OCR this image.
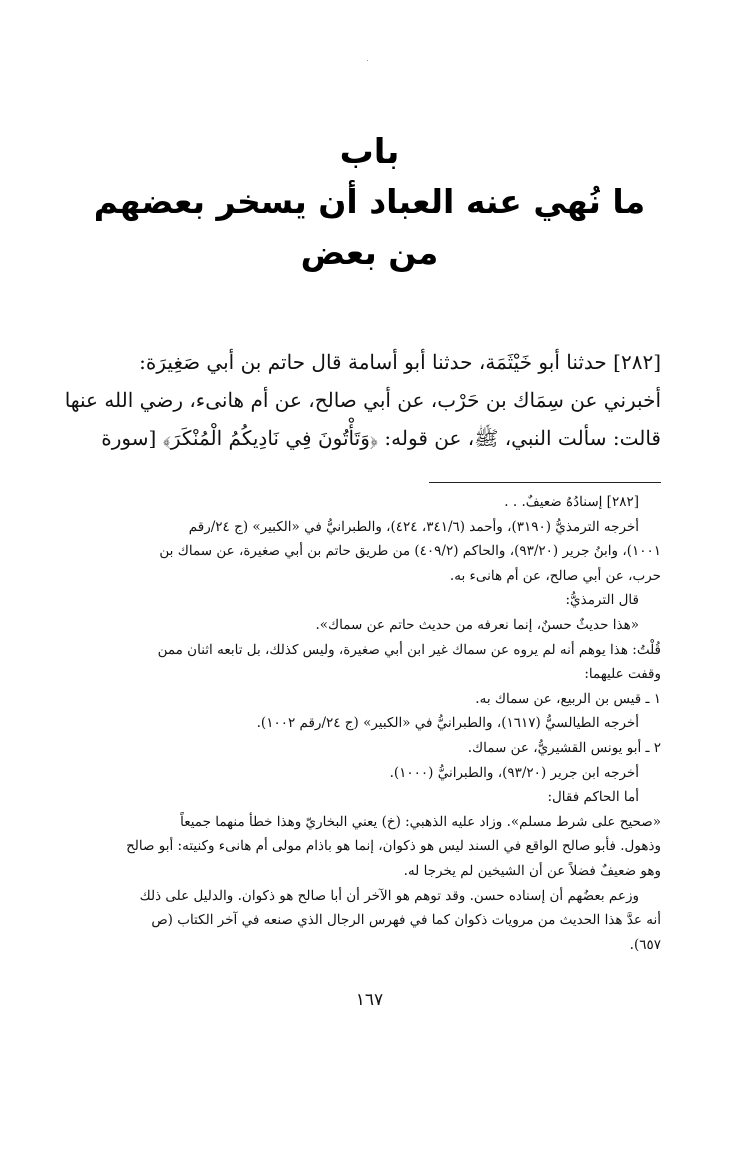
باب
ما نُهي عنه العباد أن يسخر بعضهم
من بعض

[٢٨٢] حدثنا أبو خَيْثَمَة، حدثنا أبو أسامة قال حاتم بن أبي صَغِيرَة:

أخبرني عن سِمَاك بن حَرْب، عن أبي صالح، عن أم هانىء، رضي الله عنها

قالت: سألت النبي، ﷺ، عن قوله: ﴿وَتَأْتُونَ فِي نَادِيكُمُ الْمُنْكَرَ﴾ [سورة

[٢٨٢] إسنادُهُ ضعيفٌ. . .

أخرجه الترمذيُّ (٣١٩٠)، وأحمد (٣٤١/٦، ٤٢٤)، والطبرانيُّ في «الكبير» (ج ٢٤/رقم

١٠٠١)، وابنُ جرير (٩٣/٢٠)، والحاكم (٤٠٩/٢) من طريق حاتم بن أبي صغيرة، عن سماك بن

حرب، عن أبي صالح، عن أم هانىء به.

قال الترمذيُّ:

«هذا حديثٌ حسنٌ، إنما نعرفه من حديث حاتم عن سماك».

قُلْتُ: هذا يوهم أنه لم يروه عن سماك غير ابن أبي صغيرة، وليس كذلك، بل تابعه اثنان ممن

وقفت عليهما:

١ ـ قيس بن الربيع، عن سماك به.

أخرجه الطيالسيُّ (١٦١٧)، والطبرانيُّ في «الكبير» (ج ٢٤/رقم ١٠٠٢).

٢ ـ أبو يونس القشيريُّ، عن سماك.

أخرجه ابن جرير (٩٣/٢٠)، والطبرانيُّ (١٠٠٠).

أما الحاكم فقال:

«صحيح على شرط مسلم». وزاد عليه الذهبي: (خ) يعني البخاريّ وهذا خطأ منهما جميعاً

وذهول. فأبو صالح الواقع في السند ليس هو ذكوان، إنما هو باذام مولى أم هانىء وكنيته: أبو صالح

وهو ضعيفٌ فضلاً عن أن الشيخين لم يخرجا له.

وزعم بعضُهم أن إسناده حسن. وقد توهم هو الآخر أن أبا صالح هو ذكوان. والدليل على ذلك

أنه عدَّ هذا الحديث من مرويات ذكوان كما في فهرس الرجال الذي صنعه في آخر الكتاب (ص

٦٥٧).

١٦٧
